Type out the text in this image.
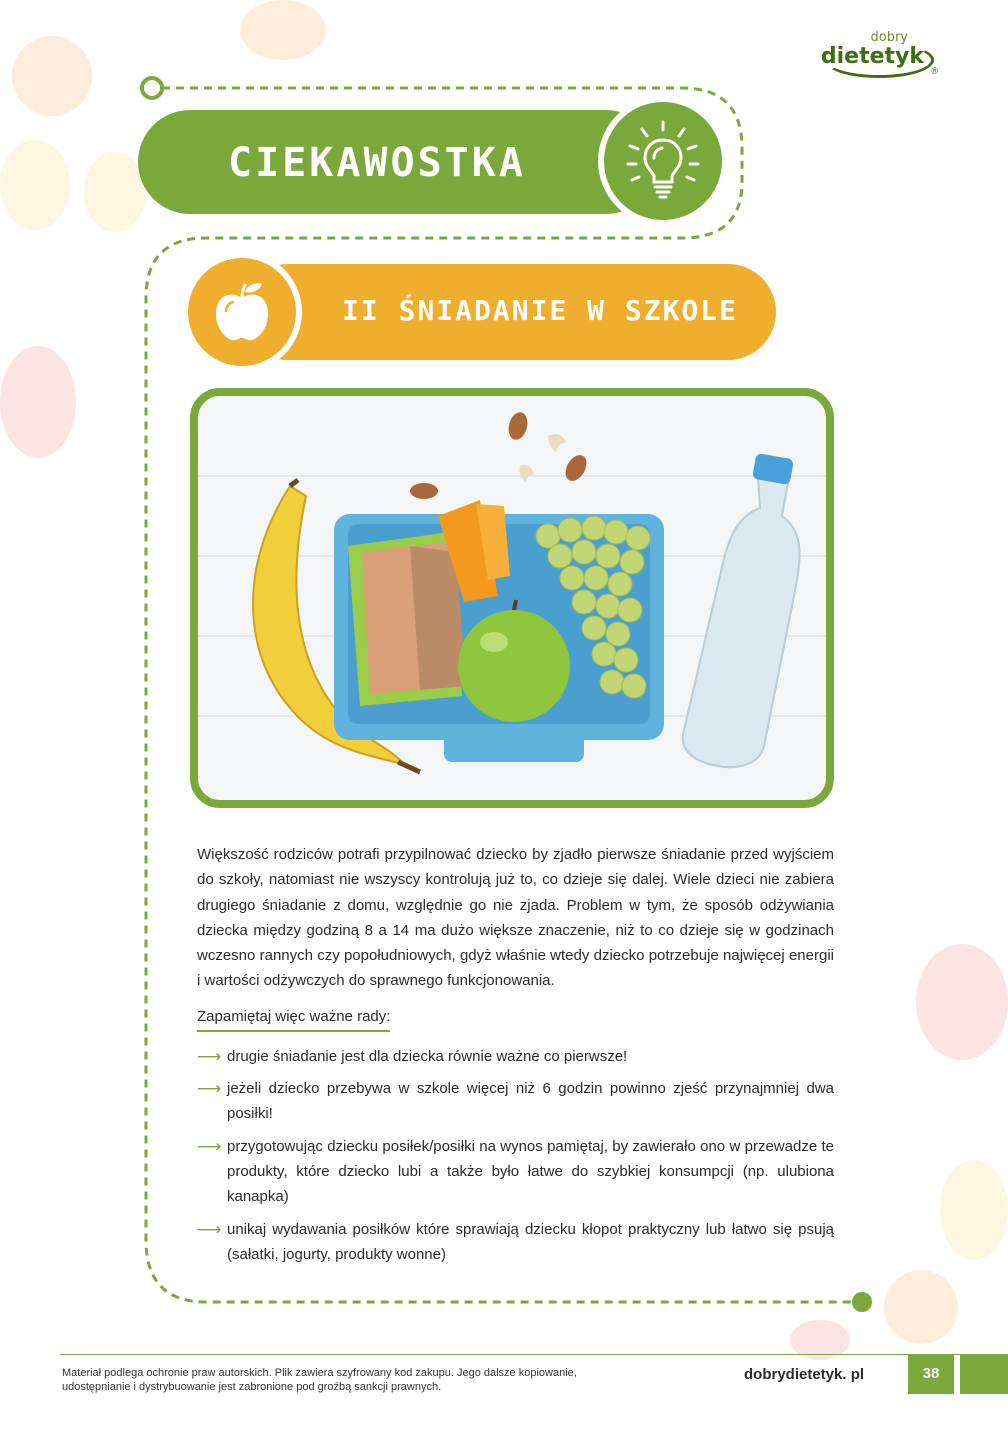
dobry
dietetyk
®
CIEKAWOSTKA
II ŚNIADANIE W SZKOLE

Większość rodziców potrafi przypilnować dziecko by zjadło pierwsze śniadanie przed wyjściem do szkoły, natomiast nie wszyscy kontrolują już to, co dzieje się dalej. Wiele dzieci nie zabiera drugiego śniadanie z domu, względnie go nie zjada. Problem w tym, że sposób odżywiania dziecka między godziną 8 a 14 ma dużo większe znaczenie, niż to co dzieje się w godzinach wczesno rannych czy popołudniowych, gdyż właśnie wtedy dziecko potrzebuje najwięcej energii i wartości odżywczych do sprawnego funkcjonowania.

Zapamiętaj więc ważne rady:
⟶ drugie śniadanie jest dla dziecka równie ważne co pierwsze!
⟶ jeżeli dziecko przebywa w szkole więcej niż 6 godzin powinno zjeść przynajmniej dwa posiłki!
⟶ przygotowując dziecku posiłek/posiłki na wynos pamiętaj, by zawierało ono w przewadze te produkty, które dziecko lubi a także było łatwe do szybkiej konsumpcji (np. ulubiona kanapka)
⟶ unikaj wydawania posiłków które sprawiają dziecku kłopot praktyczny lub łatwo się psują (sałatki, jogurty, produkty wonne)
Materiał podlega ochronie praw autorskich. Plik zawiera szyfrowany kod zakupu. Jego dalsze kopiowanie, udostępnianie i dystrybuowanie jest zabronione pod groźbą sankcji prawnych.
dobrydietetyk. pl	38
